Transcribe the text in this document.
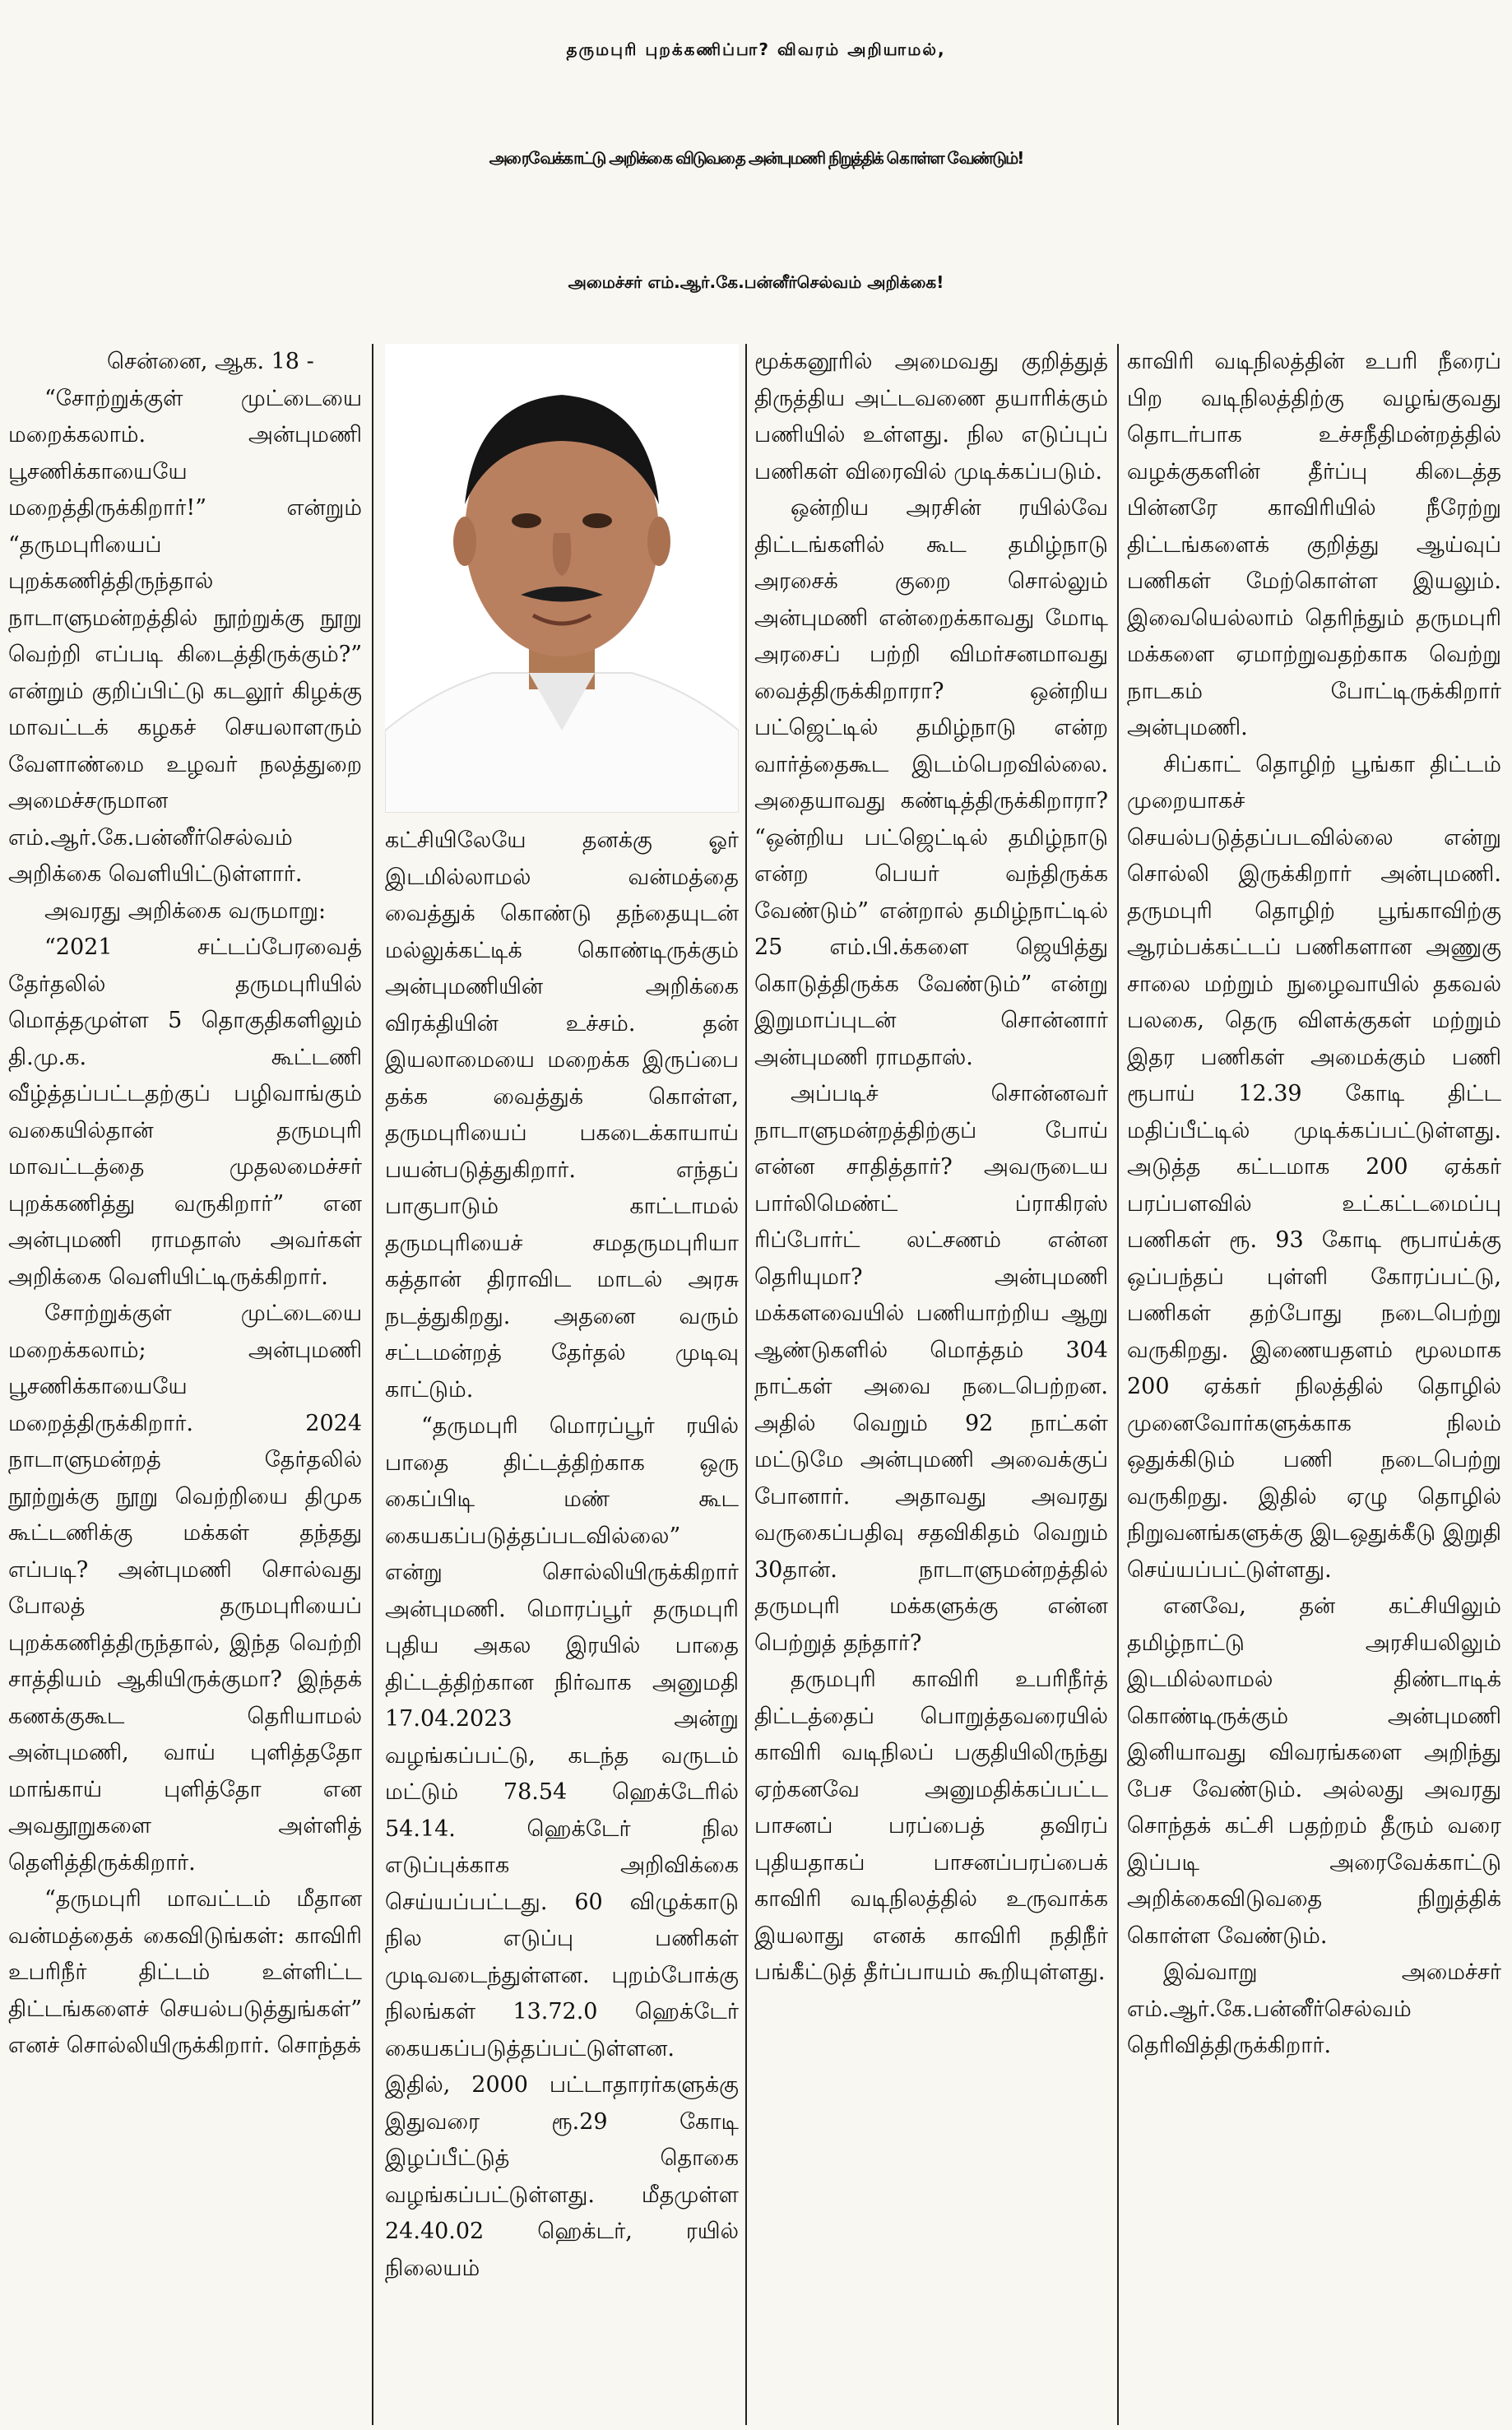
தருமபுரி புறக்கணிப்பா? விவரம் அறியாமல்,
அரைவேக்காட்டு அறிக்கை விடுவதை அன்புமணி நிறுத்திக் கொள்ள வேண்டும்!
அமைச்சர் எம்.ஆர்.கே.பன்னீர்செல்வம் அறிக்கை!

சென்னை, ஆக. 18 -

“சோற்றுக்குள் முட்டையை மறைக்கலாம். அன்புமணி பூசணிக்காயையே மறைத்திருக்கிறார்!” என்றும் “தருமபுரியைப் புறக்கணித்திருந்தால் நாடாளுமன்றத்தில் நூற்றுக்கு நூறு வெற்றி எப்படி கிடைத்திருக்கும்?” என்றும் குறிப்பிட்டு கடலூர் கிழக்கு மாவட்டக் கழகச் செயலாளரும் வேளாண்மை உழவர் நலத்துறை அமைச்சருமான எம்.ஆர்.கே.பன்னீர்செல்வம் அறிக்கை வெளியிட்டுள்ளார்.

அவரது அறிக்கை வருமாறு:

“2021 சட்டப்பேரவைத் தேர்தலில் தருமபுரியில் மொத்தமுள்ள 5 தொகுதிகளிலும் தி.மு.க. கூட்டணி வீழ்த்தப்பட்டதற்குப் பழிவாங்கும் வகையில்தான் தருமபுரி மாவட்டத்தை முதலமைச்சர் புறக்கணித்து வருகிறார்” என அன்புமணி ராமதாஸ் அவர்கள் அறிக்கை வெளியிட்டிருக்கிறார்.

சோற்றுக்குள் முட்டையை மறைக்கலாம்; அன்புமணி பூசணிக்காயையே மறைத்திருக்கிறார். 2024 நாடாளுமன்றத் தேர்தலில் நூற்றுக்கு நூறு வெற்றியை திமுக கூட்டணிக்கு மக்கள் தந்தது எப்படி? அன்புமணி சொல்வது போலத் தருமபுரியைப் புறக்கணித்திருந்தால், இந்த வெற்றி சாத்தியம் ஆகியிருக்குமா? இந்தக் கணக்குகூட தெரியாமல் அன்புமணி, வாய் புளித்ததோ மாங்காய் புளித்தோ என அவதூறுகளை அள்ளித் தெளித்திருக்கிறார்.

“தருமபுரி மாவட்டம் மீதான வன்மத்தைக் கைவிடுங்கள்: காவிரி உபரிநீர் திட்டம் உள்ளிட்ட திட்டங்களைச் செயல்படுத்துங்கள்” எனச் சொல்லியிருக்கிறார். சொந்தக்

கட்சியிலேயே தனக்கு ஓர் இடமில்லாமல் வன்மத்தை வைத்துக் கொண்டு தந்தையுடன் மல்லுக்கட்டிக் கொண்டிருக்கும் அன்புமணியின் அறிக்கை விரக்தியின் உச்சம். தன் இயலாமையை மறைக்க இருப்பை தக்க வைத்துக் கொள்ள, தருமபுரியைப் பகடைக்காயாய் பயன்படுத்துகிறார். எந்தப் பாகுபாடும் காட்டாமல் தருமபுரியைச் சமதருமபுரியா கத்தான் திராவிட மாடல் அரசு நடத்துகிறது. அதனை வரும் சட்டமன்றத் தேர்தல் முடிவு காட்டும்.

“தருமபுரி மொரப்பூர் ரயில் பாதை திட்டத்திற்காக ஒரு கைப்பிடி மண் கூட கையகப்படுத்தப்படவில்லை” என்று சொல்லியிருக்கிறார் அன்புமணி. மொரப்பூர் தருமபுரி புதிய அகல இரயில் பாதை திட்டத்திற்கான நிர்வாக அனுமதி 17.04.2023 அன்று வழங்கப்பட்டு, கடந்த வருடம் மட்டும் 78.54 ஹெக்டேரில் 54.14. ஹெக்டேர் நில எடுப்புக்காக அறிவிக்கை செய்யப்பட்டது. 60 விழுக்காடு நில எடுப்பு பணிகள் முடிவடைந்துள்ளன. புறம்போக்கு நிலங்கள் 13.72.0 ஹெக்டேர் கையகப்படுத்தப்பட்டுள்ளன. இதில், 2000 பட்டாதாரர்களுக்கு இதுவரை ரூ.29 கோடி இழப்பீட்டுத் தொகை வழங்கப்பட்டுள்ளது. மீதமுள்ள 24.40.02 ஹெக்டர், ரயில் நிலையம்

மூக்கனூரில் அமைவது குறித்துத் திருத்திய அட்டவணை தயாரிக்கும் பணியில் உள்ளது. நில எடுப்புப் பணிகள் விரைவில் முடிக்கப்படும்.

ஒன்றிய அரசின் ரயில்வே திட்டங்களில் கூட தமிழ்நாடு அரசைக் குறை சொல்லும் அன்புமணி என்றைக்காவது மோடி அரசைப் பற்றி விமர்சனமாவது வைத்திருக்கிறாரா? ஒன்றிய பட்ஜெட்டில் தமிழ்நாடு என்ற வார்த்தைகூட இடம்பெறவில்லை. அதையாவது கண்டித்திருக்கிறாரா? “ஒன்றிய பட்ஜெட்டில் தமிழ்நாடு என்ற பெயர் வந்திருக்க வேண்டும்” என்றால் தமிழ்நாட்டில் 25 எம்.பி.க்களை ஜெயித்து கொடுத்திருக்க வேண்டும்” என்று இறுமாப்புடன் சொன்னார் அன்புமணி ராமதாஸ்.

அப்படிச் சொன்னவர் நாடாளுமன்றத்திற்குப் போய் என்ன சாதித்தார்? அவருடைய பார்லிமெண்ட் ப்ராகிரஸ் ரிப்போர்ட் லட்சணம் என்ன தெரியுமா? அன்புமணி மக்களவையில் பணியாற்றிய ஆறு ஆண்டுகளில் மொத்தம் 304 நாட்கள் அவை நடைபெற்றன. அதில் வெறும் 92 நாட்கள் மட்டுமே அன்புமணி அவைக்குப் போனார். அதாவது அவரது வருகைப்பதிவு சதவிகிதம் வெறும் 30தான். நாடாளுமன்றத்தில் தருமபுரி மக்களுக்கு என்ன பெற்றுத் தந்தார்?

தருமபுரி காவிரி உபரிநீர்த் திட்டத்தைப் பொறுத்தவரையில் காவிரி வடிநிலப் பகுதியிலிருந்து ஏற்கனவே அனுமதிக்கப்பட்ட பாசனப் பரப்பைத் தவிரப் புதியதாகப் பாசனப்பரப்பைக் காவிரி வடிநிலத்தில் உருவாக்க இயலாது எனக் காவிரி நதிநீர் பங்கீட்டுத் தீர்ப்பாயம் கூறியுள்ளது.

காவிரி வடிநிலத்தின் உபரி நீரைப் பிற வடிநிலத்திற்கு வழங்குவது தொடர்பாக உச்சநீதிமன்றத்தில் வழக்குகளின் தீர்ப்பு கிடைத்த பின்னரே காவிரியில் நீரேற்று திட்டங்களைக் குறித்து ஆய்வுப் பணிகள் மேற்கொள்ள இயலும். இவையெல்லாம் தெரிந்தும் தருமபுரி மக்களை ஏமாற்றுவதற்காக வெற்று நாடகம் போட்டிருக்கிறார் அன்புமணி.

சிப்காட் தொழிற் பூங்கா திட்டம் முறையாகச் செயல்படுத்தப்படவில்லை என்று சொல்லி இருக்கிறார் அன்புமணி. தருமபுரி தொழிற் பூங்காவிற்கு ஆரம்பக்கட்டப் பணிகளான அணுகு சாலை மற்றும் நுழைவாயில் தகவல் பலகை, தெரு விளக்குகள் மற்றும் இதர பணிகள் அமைக்கும் பணி ரூபாய் 12.39 கோடி திட்ட மதிப்பீட்டில் முடிக்கப்பட்டுள்ளது. அடுத்த கட்டமாக 200 ஏக்கர் பரப்பளவில் உட்கட்டமைப்பு பணிகள் ரூ. 93 கோடி ரூபாய்க்கு ஒப்பந்தப் புள்ளி கோரப்பட்டு, பணிகள் தற்போது நடைபெற்று வருகிறது. இணையதளம் மூலமாக 200 ஏக்கர் நிலத்தில் தொழில் முனைவோர்களுக்காக நிலம் ஒதுக்கிடும் பணி நடைபெற்று வருகிறது. இதில் ஏழு தொழில் நிறுவனங்களுக்கு இடஒதுக்கீடு இறுதி செய்யப்பட்டுள்ளது.

எனவே, தன் கட்சியிலும் தமிழ்நாட்டு அரசியலிலும் இடமில்லாமல் திண்டாடிக் கொண்டிருக்கும் அன்புமணி இனியாவது விவரங்களை அறிந்து பேச வேண்டும். அல்லது அவரது சொந்தக் கட்சி பதற்றம் தீரும் வரை இப்படி அரைவேக்காட்டு அறிக்கைவிடுவதை நிறுத்திக் கொள்ள வேண்டும்.

இவ்வாறு அமைச்சர் எம்.ஆர்.கே.பன்னீர்செல்வம் தெரிவித்திருக்கிறார்.
